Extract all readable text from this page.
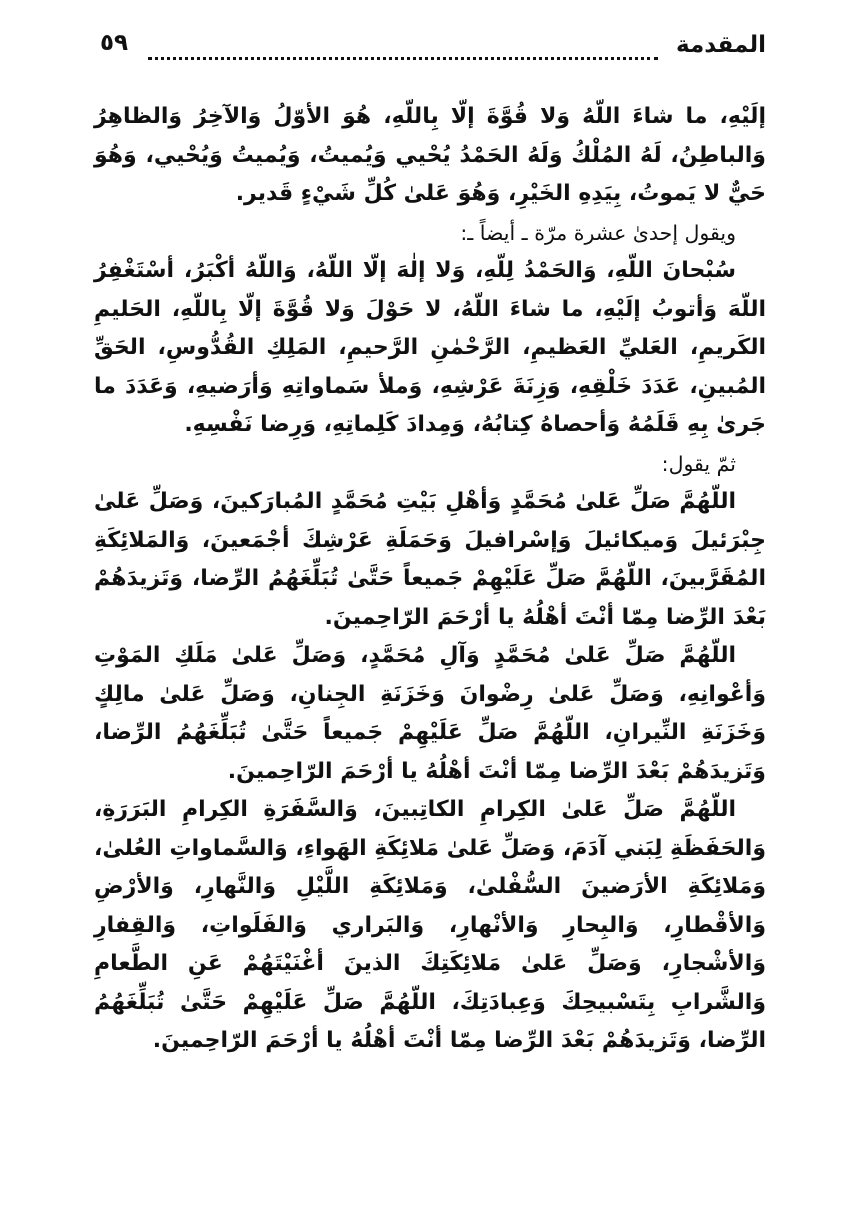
المقدمة
٥٩

إلَيْهِ، ما شاءَ اللّهُ وَلا قُوَّةَ إلّا بِاللّهِ، هُوَ الأوّلُ وَالآخِرُ وَالظاهِرُ وَالباطِنُ، لَهُ المُلْكُ وَلَهُ الحَمْدُ يُحْيي وَيُميتُ، وَيُميتُ وَيُحْيي، وَهُوَ حَيٌّ لا يَموتُ، بِيَدِهِ الخَيْرِ، وَهُوَ عَلىٰ كُلِّ شَيْءٍ قَدير.

ويقول إحدىٰ عشرة مرّة ـ أيضاً ـ:

سُبْحانَ اللّهِ، وَالحَمْدُ لِلّهِ، وَلا إلٰهَ إلّا اللّهُ، وَاللّهُ أكْبَرُ، أسْتَغْفِرُ اللّهَ وَأتوبُ إلَيْهِ، ما شاءَ اللّهُ، لا حَوْلَ وَلا قُوَّةَ إلّا بِاللّهِ، الحَليمِ الكَريمِ، العَليِّ العَظيمِ، الرَّحْمٰنِ الرَّحيمِ، المَلِكِ القُدُّوسِ، الحَقِّ المُبينِ، عَدَدَ خَلْقِهِ، وَزِنَةَ عَرْشِهِ، وَملأ سَماواتِهِ وَأرَضيهِ، وَعَدَدَ ما جَرىٰ بِهِ قَلَمُهُ وَأحصاهُ كِتابُهُ، وَمِدادَ كَلِماتِهِ، وَرِضا نَفْسِهِ.

ثمّ يقول:

اللّهُمَّ صَلِّ عَلىٰ مُحَمَّدٍ وَأهْلِ بَيْتِ مُحَمَّدٍ المُبارَكينَ، وَصَلِّ عَلىٰ جِبْرَئيلَ وَميكائيلَ وَإسْرافيلَ وَحَمَلَةِ عَرْشِكَ أجْمَعينَ، وَالمَلائِكَةِ المُقَرَّبينَ، اللّهُمَّ صَلِّ عَلَيْهِمْ جَميعاً حَتَّىٰ تُبَلِّغَهُمُ الرِّضا، وَتَزيدَهُمْ بَعْدَ الرِّضا مِمّا أنْتَ أهْلُهُ يا أرْحَمَ الرّاحِمينَ.

اللّهُمَّ صَلِّ عَلىٰ مُحَمَّدٍ وَآلِ مُحَمَّدٍ، وَصَلِّ عَلىٰ مَلَكِ المَوْتِ وَأعْوانِهِ، وَصَلِّ عَلىٰ رِضْوانَ وَخَزَنَةِ الجِنانِ، وَصَلِّ عَلىٰ مالِكٍ وَخَزَنَةِ النِّيرانِ، اللّهُمَّ صَلِّ عَلَيْهِمْ جَميعاً حَتَّىٰ تُبَلِّغَهُمُ الرِّضا، وَتَزيدَهُمْ بَعْدَ الرِّضا مِمّا أنْتَ أهْلُهُ يا أرْحَمَ الرّاحِمينَ.

اللّهُمَّ صَلِّ عَلىٰ الكِرامِ الكاتِبينَ، وَالسَّفَرَةِ الكِرامِ البَرَرَةِ، وَالحَفَظَةِ لِبَني آدَمَ، وَصَلِّ عَلىٰ مَلائِكَةِ الهَواءِ، وَالسَّماواتِ العُلىٰ، وَمَلائِكَةِ الأرَضينَ السُّفْلىٰ، وَمَلائِكَةِ اللَّيْلِ وَالنَّهارِ، وَالأرْضِ وَالأقْطارِ، وَالبِحارِ وَالأنْهارِ، وَالبَراري وَالفَلَواتِ، وَالقِفارِ وَالأشْجارِ، وَصَلِّ عَلىٰ مَلائِكَتِكَ الذينَ أغْنَيْتَهُمْ عَنِ الطَّعامِ وَالشَّرابِ بِتَسْبيحِكَ وَعِبادَتِكَ، اللّهُمَّ صَلِّ عَلَيْهِمْ حَتَّىٰ تُبَلِّغَهُمُ الرِّضا، وَتَزيدَهُمْ بَعْدَ الرِّضا مِمّا أنْتَ أهْلُهُ يا أرْحَمَ الرّاحِمينَ.
